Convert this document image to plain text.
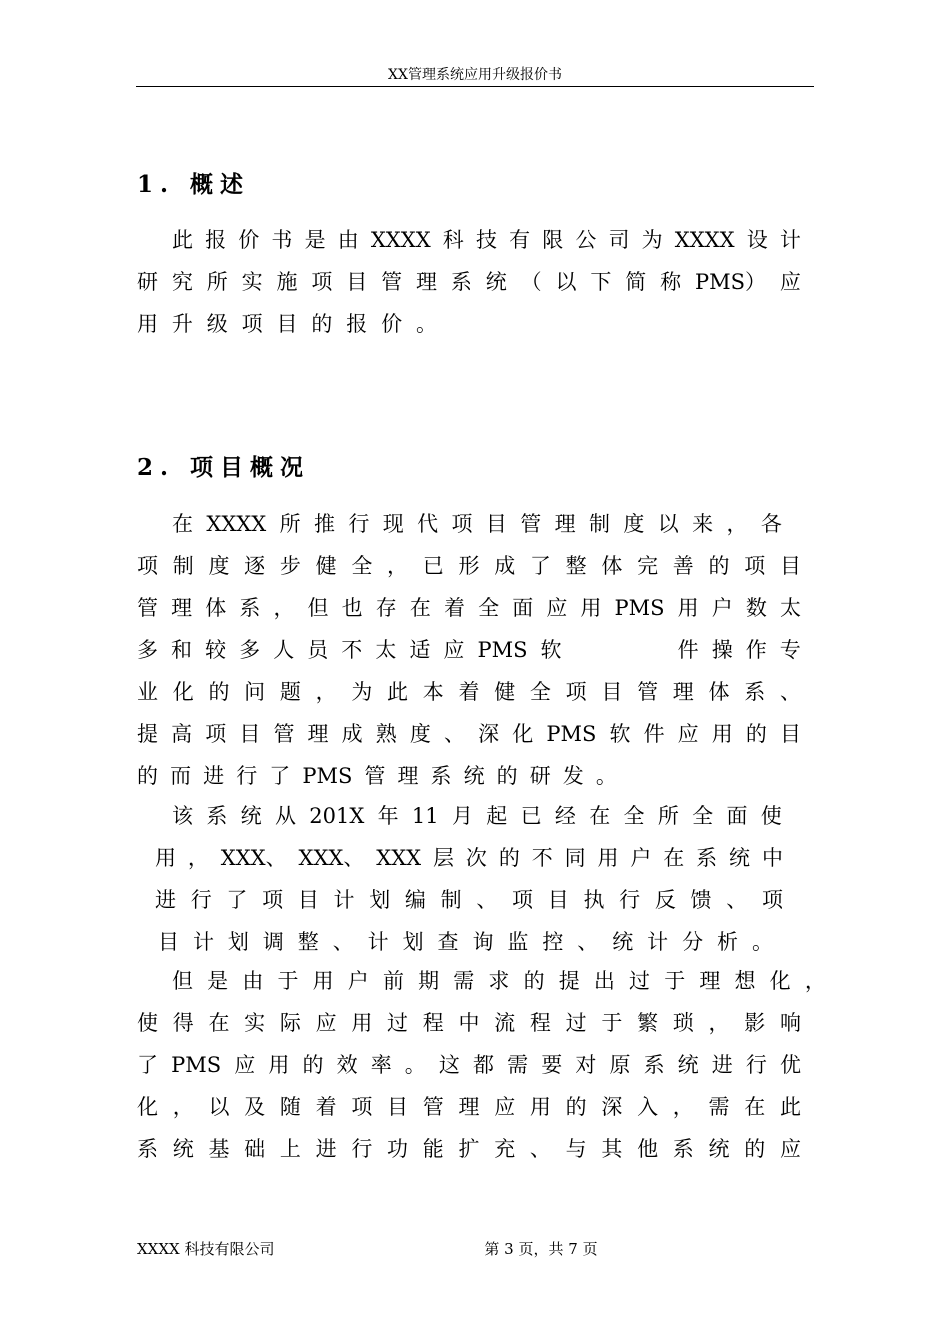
XX管理系统应用升级报价书
1. 概述
此 报 价 书 是 由 XXXX 科 技 有 限 公 司 为 XXXX 设 计
研 究 所 实 施 项 目 管 理 系 统 （ 以 下 简 称 PMS） 应
用 升 级 项 目 的 报 价 。
2. 项目概况
在 XXXX 所 推 行 现 代 项 目 管 理 制 度 以 来 ， 各
项 制 度 逐 步 健 全 ， 已 形 成 了 整 体 完 善 的 项 目
管 理 体 系 ， 但 也 存 在 着 全 面 应 用 PMS 用 户 数 太
多 和 较 多 人 员 不 太 适 应 PMS 软	件 操 作 专
业 化 的 问 题 ， 为 此 本 着 健 全 项 目 管 理 体 系 、
提 高 项 目 管 理 成 熟 度 、 深 化 PMS 软 件 应 用 的 目
的 而 进 行 了 PMS 管 理 系 统 的 研 发 。
该 系 统 从 201X 年 11 月 起 已 经 在 全 所 全 面 使
用 ， XXX、 XXX、 XXX 层 次 的 不 同 用 户 在 系 统 中
进 行 了 项 目 计 划 编 制 、 项 目 执 行 反 馈 、 项
目 计 划 调 整 、 计 划 查 询 监 控 、 统 计 分 析 。
但 是 由 于 用 户 前 期 需 求 的 提 出 过 于 理 想 化 ，
使 得 在 实 际 应 用 过 程 中 流 程 过 于 繁 琐 ， 影 响
了 PMS 应 用 的 效 率 。 这 都 需 要 对 原 系 统 进 行 优
化 ， 以 及 随 着 项 目 管 理 应 用 的 深 入 ， 需 在 此
系 统 基 础 上 进 行 功 能 扩 充 、 与 其 他 系 统 的 应
XXXX 科技有限公司	第 3 页，共 7 页
